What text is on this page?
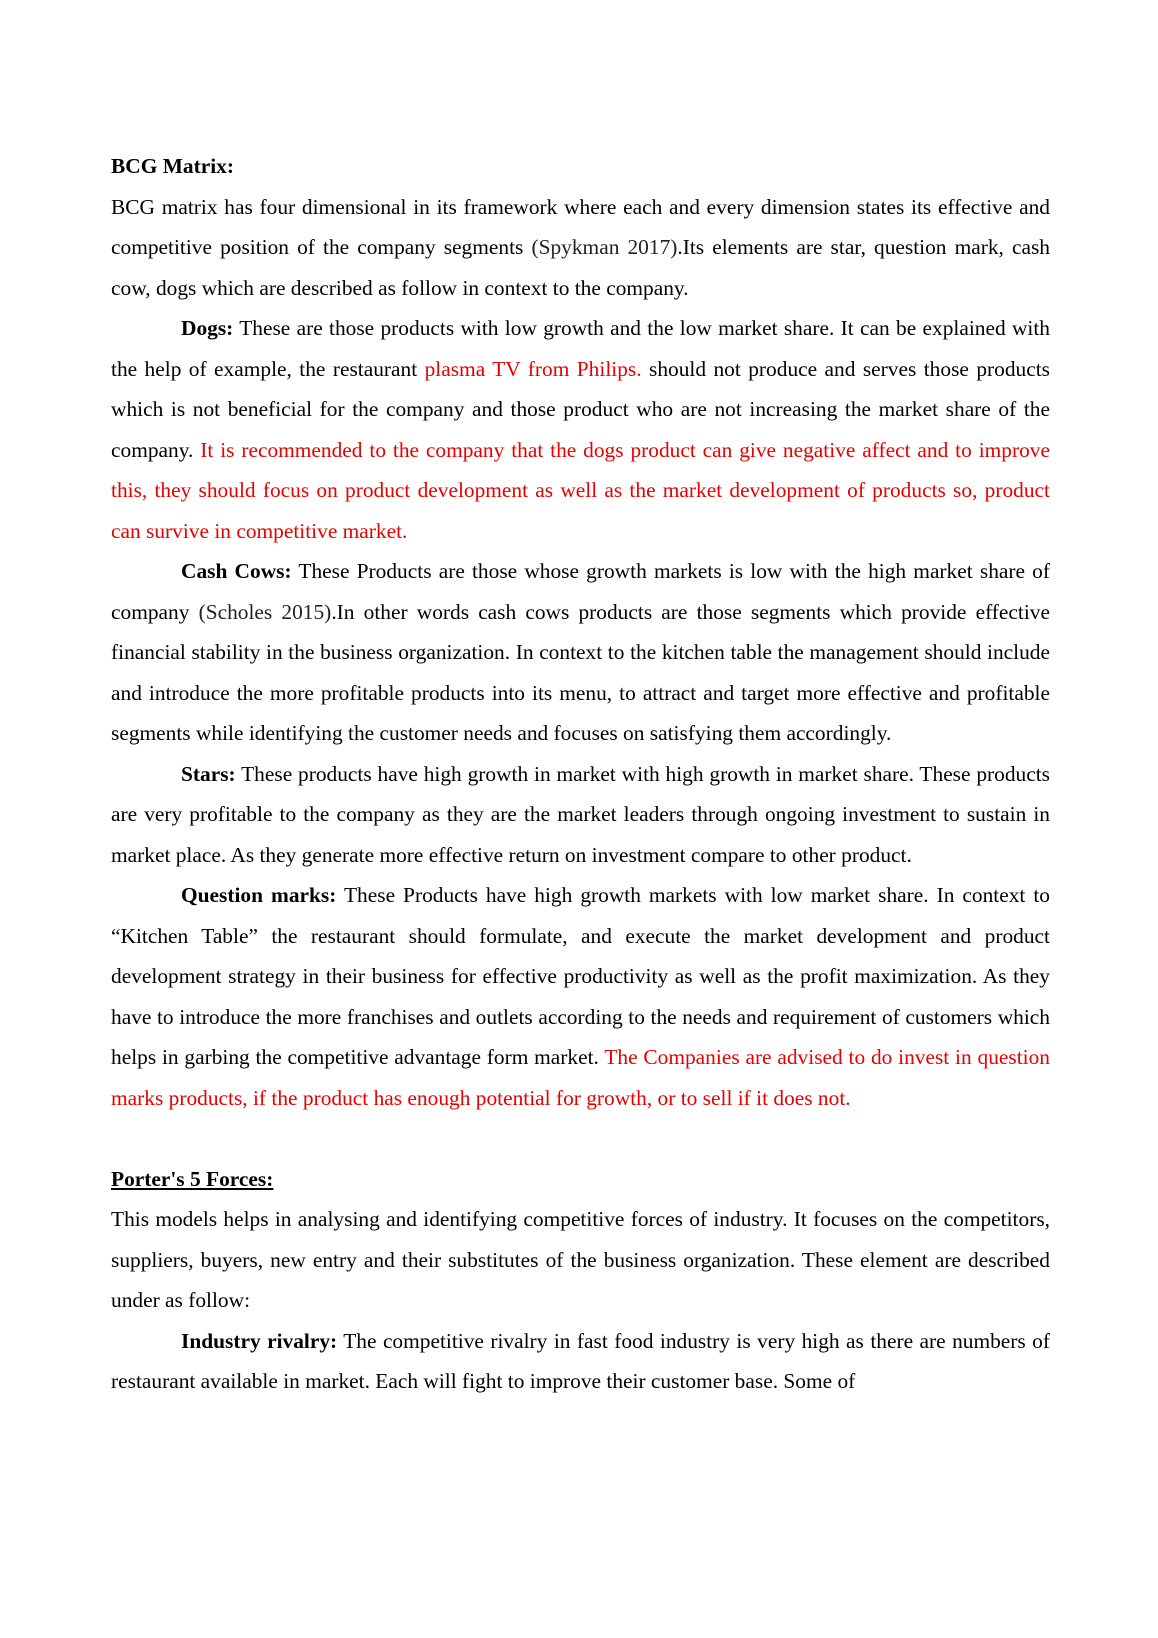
BCG Matrix:

BCG matrix has four dimensional in its framework where each and every dimension states its effective and competitive position of the company segments (Spykman 2017).Its elements are star, question mark, cash cow, dogs which are described as follow in context to the company.

Dogs: These are those products with low growth and the low market share. It can be explained with the help of example, the restaurant plasma TV from Philips. should not produce and serves those products which is not beneficial for the company and those product who are not increasing the market share of the company. It is recommended to the company that the dogs product can give negative affect and to improve this, they should focus on product development as well as the market development of products so, product can survive in competitive market.

Cash Cows: These Products are those whose growth markets is low with the high market share of company (Scholes 2015).In other words cash cows products are those segments which provide effective financial stability in the business organization. In context to the kitchen table the management should include and introduce the more profitable products into its menu, to attract and target more effective and profitable segments while identifying the customer needs and focuses on satisfying them accordingly.

Stars: These products have high growth in market with high growth in market share. These products are very profitable to the company as they are the market leaders through ongoing investment to sustain in market place. As they generate more effective return on investment compare to other product.

Question marks: These Products have high growth markets with low market share. In context to “Kitchen Table” the restaurant should formulate, and execute the market development and product development strategy in their business for effective productivity as well as the profit maximization. As they have to introduce the more franchises and outlets according to the needs and requirement of customers which helps in garbing the competitive advantage form market. The Companies are advised to do invest in question marks products, if the product has enough potential for growth, or to sell if it does not.

Porter's 5 Forces:

This models helps in analysing and identifying competitive forces of industry. It focuses on the competitors, suppliers, buyers, new entry and their substitutes of the business organization. These element are described under as follow:

Industry rivalry: The competitive rivalry in fast food industry is very high as there are numbers of restaurant available in market. Each will fight to improve their customer base. Some of
